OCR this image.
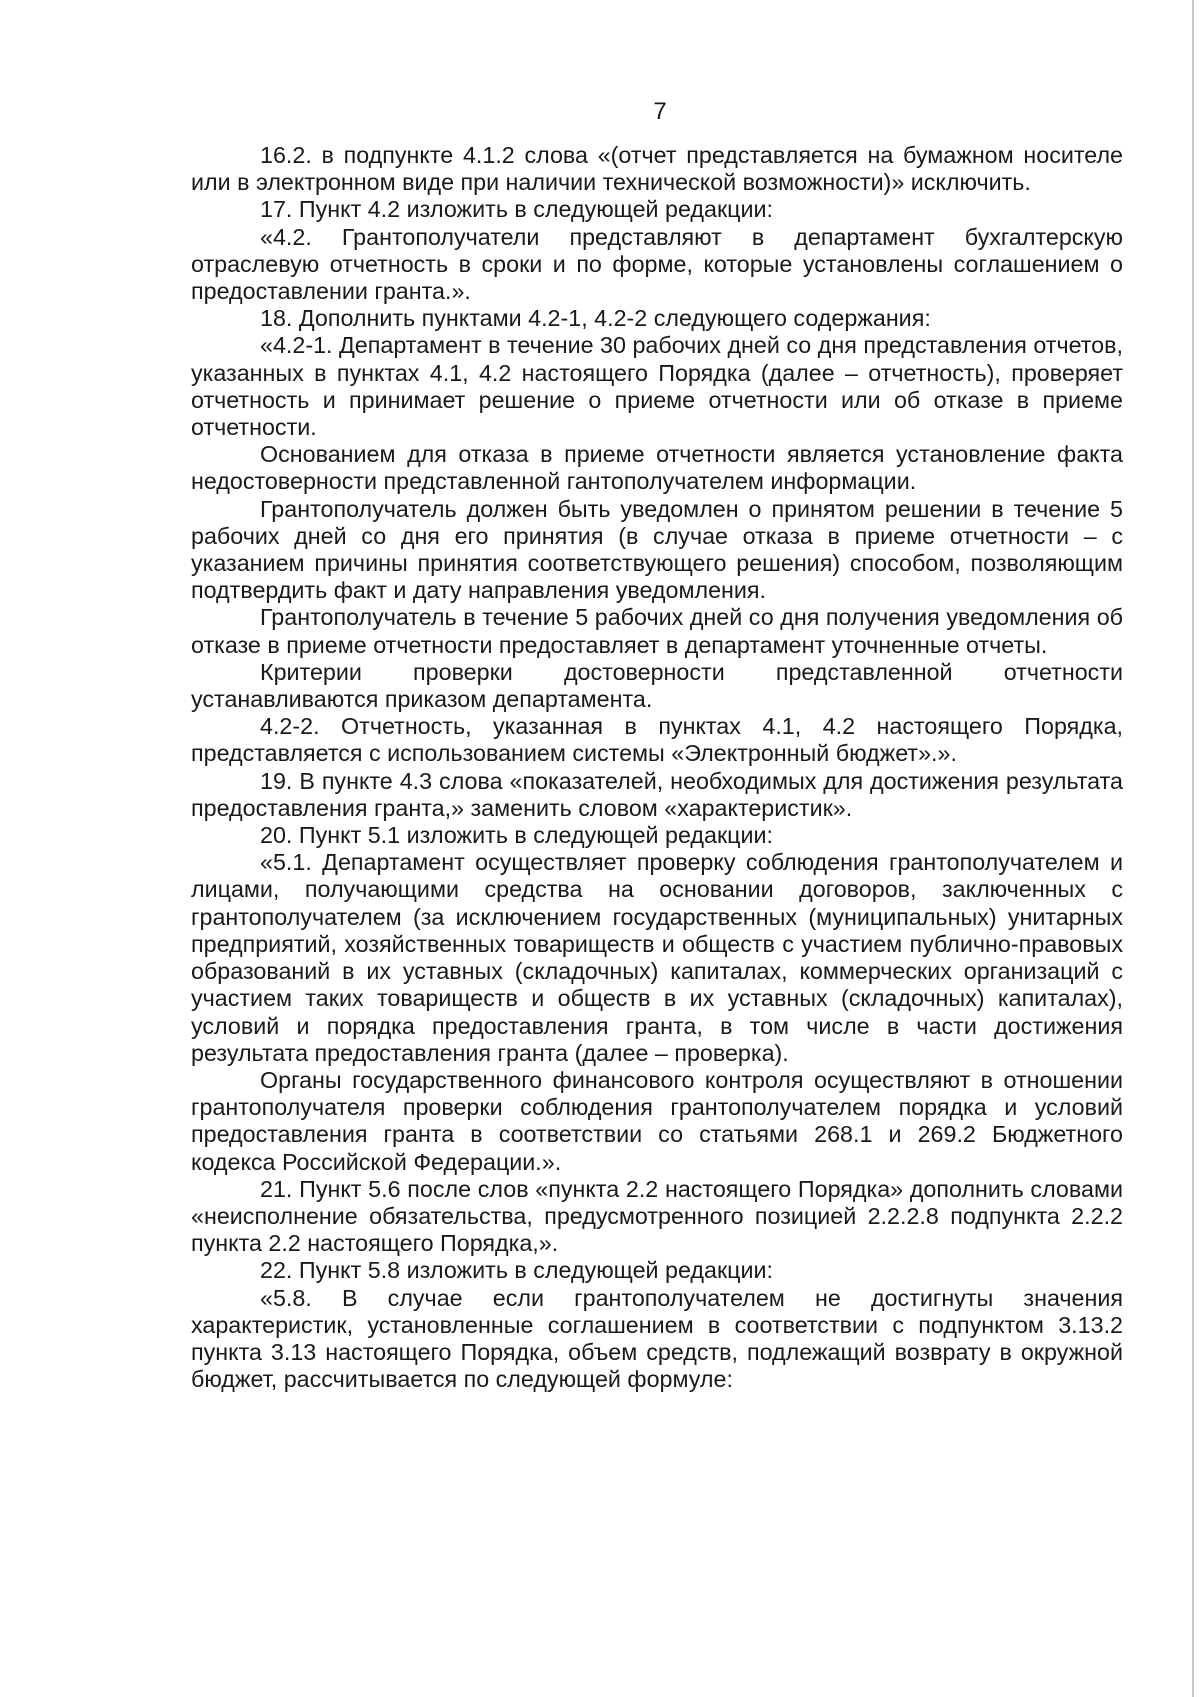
7

16.2. в подпункте 4.1.2 слова «(отчет представляется на бумажном носителе или в электронном виде при наличии технической возможности)» исключить.

17. Пункт 4.2 изложить в следующей редакции:

«4.2. Грантополучатели представляют в департамент бухгалтерскую отраслевую отчетность в сроки и по форме, которые установлены соглашением о предоставлении гранта.».

18. Дополнить пунктами 4.2-1, 4.2-2 следующего содержания:

«4.2-1. Департамент в течение 30 рабочих дней со дня представления отчетов, указанных в пунктах 4.1, 4.2 настоящего Порядка (далее – отчетность), проверяет отчетность и принимает решение о приеме отчетности или об отказе в приеме отчетности.

Основанием для отказа в приеме отчетности является установление факта недостоверности представленной гантополучателем информации.

Грантополучатель должен быть уведомлен о принятом решении в течение 5 рабочих дней со дня его принятия (в случае отказа в приеме отчетности – с указанием причины принятия соответствующего решения) способом, позволяющим подтвердить факт и дату направления уведомления.

Грантополучатель в течение 5 рабочих дней со дня получения уведомления об отказе в приеме отчетности предоставляет в департамент уточненные отчеты.

Критерии проверки достоверности представленной отчетности устанавливаются приказом департамента.

4.2-2. Отчетность, указанная в пунктах 4.1, 4.2 настоящего Порядка, представляется с использованием системы «Электронный бюджет».».

19. В пункте 4.3 слова «показателей, необходимых для достижения результата предоставления гранта,» заменить словом «характеристик».

20. Пункт 5.1 изложить в следующей редакции:

«5.1. Департамент осуществляет проверку соблюдения грантополучателем и лицами, получающими средства на основании договоров, заключенных с грантополучателем (за исключением государственных (муниципальных) унитарных предприятий, хозяйственных товариществ и обществ с участием публично-правовых образований в их уставных (складочных) капиталах, коммерческих организаций с участием таких товариществ и обществ в их уставных (складочных) капиталах), условий и порядка предоставления гранта, в том числе в части достижения результата предоставления гранта (далее – проверка).

Органы государственного финансового контроля осуществляют в отношении грантополучателя проверки соблюдения грантополучателем порядка и условий предоставления гранта в соответствии со статьями 268.1 и 269.2 Бюджетного кодекса Российской Федерации.».

21. Пункт 5.6 после слов «пункта 2.2 настоящего Порядка» дополнить словами «неисполнение обязательства, предусмотренного позицией 2.2.2.8 подпункта 2.2.2 пункта 2.2 настоящего Порядка,».

22. Пункт 5.8 изложить в следующей редакции:

«5.8. В случае если грантополучателем не достигнуты значения характеристик, установленные соглашением в соответствии с подпунктом 3.13.2 пункта 3.13 настоящего Порядка, объем средств, подлежащий возврату в окружной бюджет, рассчитывается по следующей формуле:
